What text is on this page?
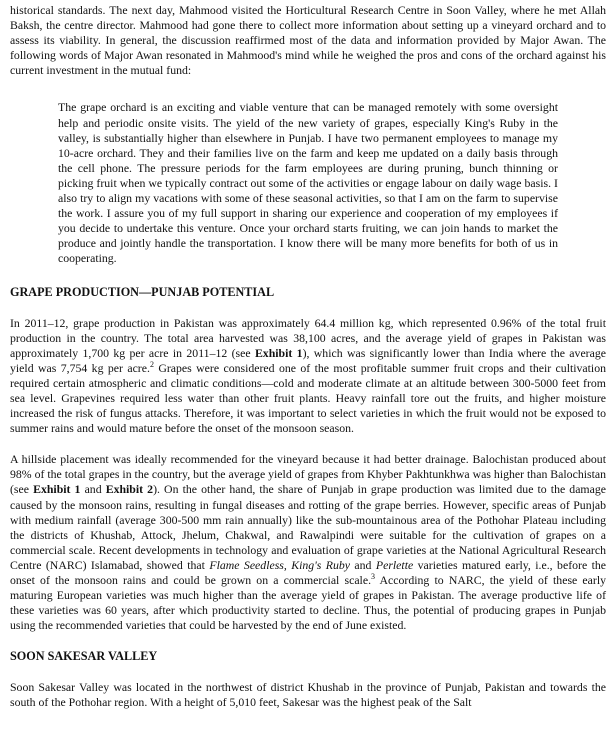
historical standards. The next day, Mahmood visited the Horticultural Research Centre in Soon Valley, where he met Allah Baksh, the centre director. Mahmood had gone there to collect more information about setting up a vineyard orchard and to assess its viability. In general, the discussion reaffirmed most of the data and information provided by Major Awan. The following words of Major Awan resonated in Mahmood's mind while he weighed the pros and cons of the orchard against his current investment in the mutual fund:

The grape orchard is an exciting and viable venture that can be managed remotely with some oversight help and periodic onsite visits. The yield of the new variety of grapes, especially King's Ruby in the valley, is substantially higher than elsewhere in Punjab. I have two permanent employees to manage my 10-acre orchard. They and their families live on the farm and keep me updated on a daily basis through the cell phone. The pressure periods for the farm employees are during pruning, bunch thinning or picking fruit when we typically contract out some of the activities or engage labour on daily wage basis. I also try to align my vacations with some of these seasonal activities, so that I am on the farm to supervise the work. I assure you of my full support in sharing our experience and cooperation of my employees if you decide to undertake this venture. Once your orchard starts fruiting, we can join hands to market the produce and jointly handle the transportation. I know there will be many more benefits for both of us in cooperating.

GRAPE PRODUCTION—PUNJAB POTENTIAL

In 2011–12, grape production in Pakistan was approximately 64.4 million kg, which represented 0.96% of the total fruit production in the country. The total area harvested was 38,100 acres, and the average yield of grapes in Pakistan was approximately 1,700 kg per acre in 2011–12 (see Exhibit 1), which was significantly lower than India where the average yield was 7,754 kg per acre.$^2$ Grapes were considered one of the most profitable summer fruit crops and their cultivation required certain atmospheric and climatic conditions—cold and moderate climate at an altitude between 300-5000 feet from sea level. Grapevines required less water than other fruit plants. Heavy rainfall tore out the fruits, and higher moisture increased the risk of fungus attacks. Therefore, it was important to select varieties in which the fruit would not be exposed to summer rains and would mature before the onset of the monsoon season.

A hillside placement was ideally recommended for the vineyard because it had better drainage. Balochistan produced about 98% of the total grapes in the country, but the average yield of grapes from Khyber Pakhtunkhwa was higher than Balochistan (see Exhibit 1 and Exhibit 2). On the other hand, the share of Punjab in grape production was limited due to the damage caused by the monsoon rains, resulting in fungal diseases and rotting of the grape berries. However, specific areas of Punjab with medium rainfall (average 300-500 mm rain annually) like the sub-mountainous area of the Pothohar Plateau including the districts of Khushab, Attock, Jhelum, Chakwal, and Rawalpindi were suitable for the cultivation of grapes on a commercial scale. Recent developments in technology and evaluation of grape varieties at the National Agricultural Research Centre (NARC) Islamabad, showed that Flame Seedless, King's Ruby and Perlette varieties matured early, i.e., before the onset of the monsoon rains and could be grown on a commercial scale.$^3$ According to NARC, the yield of these early maturing European varieties was much higher than the average yield of grapes in Pakistan. The average productive life of these varieties was 60 years, after which productivity started to decline. Thus, the potential of producing grapes in Punjab using the recommended varieties that could be harvested by the end of June existed.

SOON SAKESAR VALLEY

Soon Sakesar Valley was located in the northwest of district Khushab in the province of Punjab, Pakistan and towards the south of the Pothohar region. With a height of 5,010 feet, Sakesar was the highest peak of the Salt
